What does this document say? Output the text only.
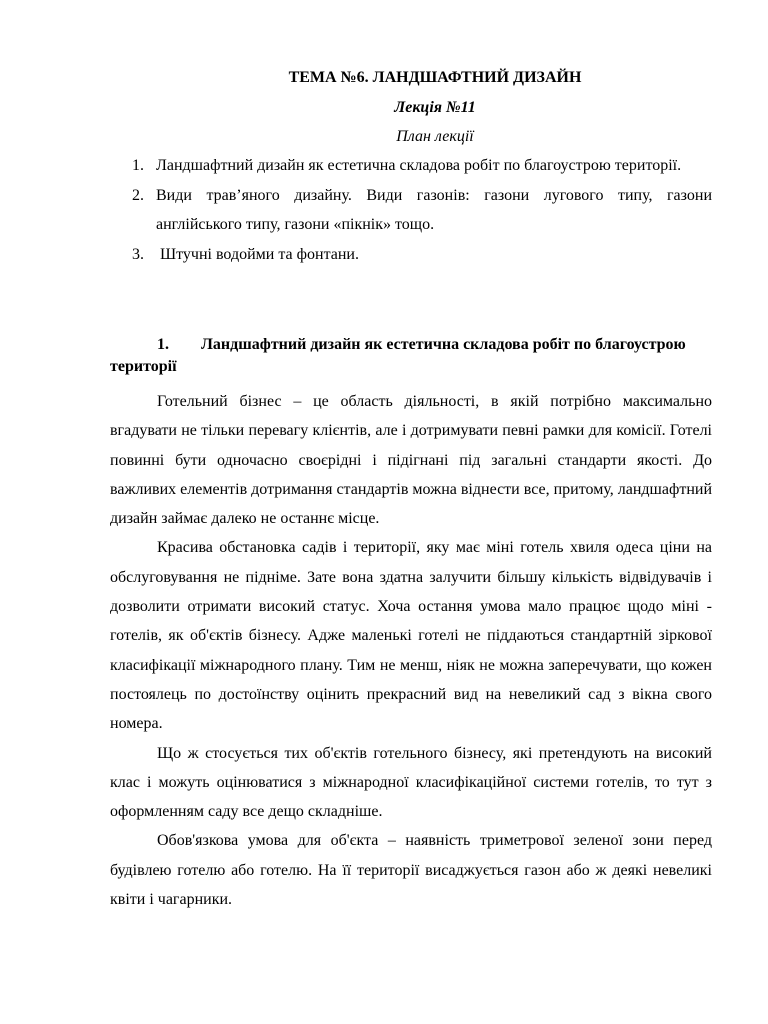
ТЕМА №6. ЛАНДШАФТНИЙ ДИЗАЙН
Лекція №11
План лекції
1. Ландшафтний дизайн як естетична складова робіт по благоустрою території.
2. Види трав’яного дизайну. Види газонів: газони лугового типу, газони англійського типу, газони «пікнік» тощо.
3. Штучні водойми та фонтани.
1. Ландшафтний дизайн як естетична складова робіт по благоустрою території

Готельний бізнес – це область діяльності, в якій потрібно максимально вгадувати не тільки перевагу клієнтів, але і дотримувати певні рамки для комісії. Готелі повинні бути одночасно своєрідні і підігнані під загальні стандарти якості. До важливих елементів дотримання стандартів можна віднести все, притому, ландшафтний дизайн займає далеко не останнє місце.

Красива обстановка садів і території, яку має міні готель хвиля одеса ціни на обслуговування не підніме. Зате вона здатна залучити більшу кількість відвідувачів і дозволити отримати високий статус. Хоча остання умова мало працює щодо міні - готелів, як об'єктів бізнесу. Адже маленькі готелі не піддаються стандартній зіркової класифікації міжнародного плану. Тим не менш, ніяк не можна заперечувати, що кожен постоялець по достоїнству оцінить прекрасний вид на невеликий сад з вікна свого номера.

Що ж стосується тих об'єктів готельного бізнесу, які претендують на високий клас і можуть оцінюватися з міжнародної класифікаційної системи готелів, то тут з оформленням саду все дещо складніше.

Обов'язкова умова для об'єкта – наявність триметрової зеленої зони перед будівлею готелю або готелю. На її території висаджується газон або ж деякі невеликі квіти і чагарники.
